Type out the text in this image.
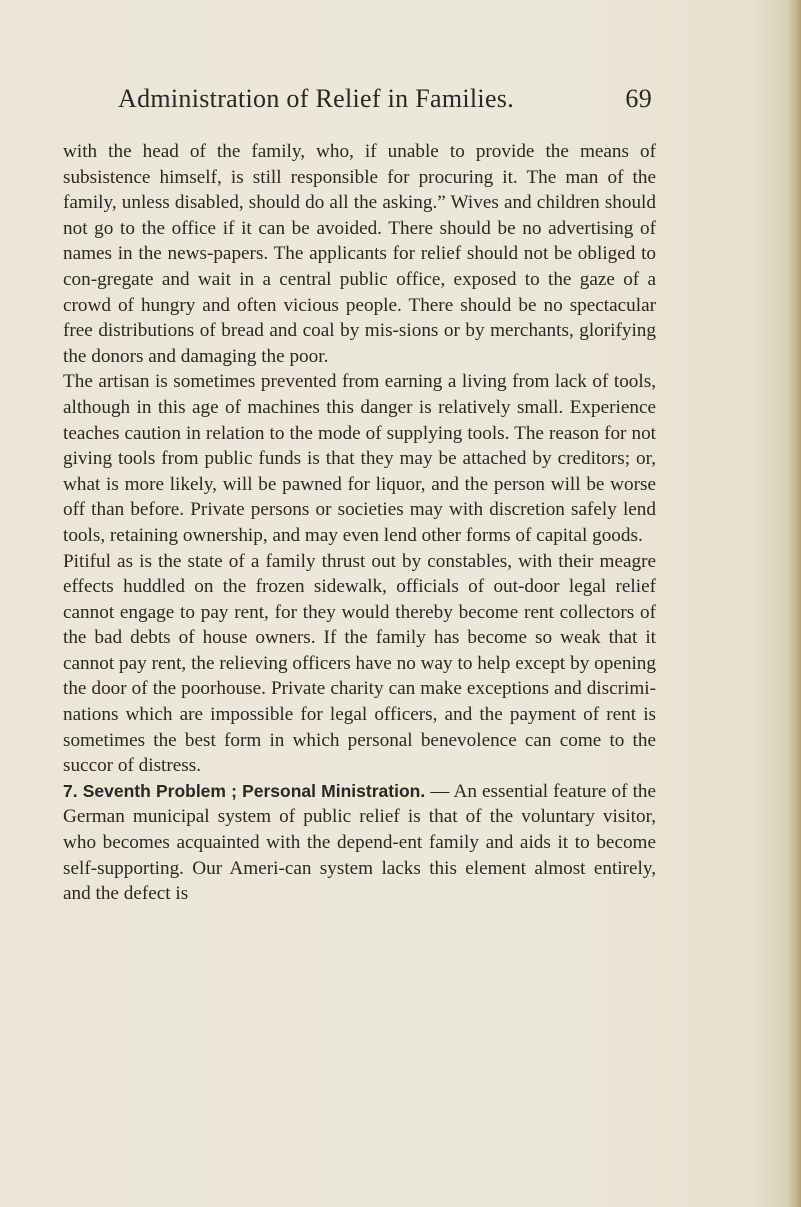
Administration of Relief in Families.	69

with the head of the family, who, if unable to provide the means of subsistence himself, is still responsible for procuring it. The man of the family, unless disabled, should do all the asking.” Wives and children should not go to the office if it can be avoided. There should be no advertising of names in the news-papers. The applicants for relief should not be obliged to con-gregate and wait in a central public office, exposed to the gaze of a crowd of hungry and often vicious people. There should be no spectacular free distributions of bread and coal by mis-sions or by merchants, glorifying the donors and damaging the poor.

The artisan is sometimes prevented from earning a living from lack of tools, although in this age of machines this danger is relatively small. Experience teaches caution in relation to the mode of supplying tools. The reason for not giving tools from public funds is that they may be attached by creditors; or, what is more likely, will be pawned for liquor, and the person will be worse off than before. Private persons or societies may with discretion safely lend tools, retaining ownership, and may even lend other forms of capital goods.

Pitiful as is the state of a family thrust out by constables, with their meagre effects huddled on the frozen sidewalk, officials of out-door legal relief cannot engage to pay rent, for they would thereby become rent collectors of the bad debts of house owners. If the family has become so weak that it cannot pay rent, the relieving officers have no way to help except by opening the door of the poorhouse. Private charity can make exceptions and discrimi-nations which are impossible for legal officers, and the payment of rent is sometimes the best form in which personal benevolence can come to the succor of distress.

7. Seventh Problem ; Personal Ministration. — An essential feature of the German municipal system of public relief is that of the voluntary visitor, who becomes acquainted with the depend-ent family and aids it to become self-supporting. Our Ameri-can system lacks this element almost entirely, and the defect is
